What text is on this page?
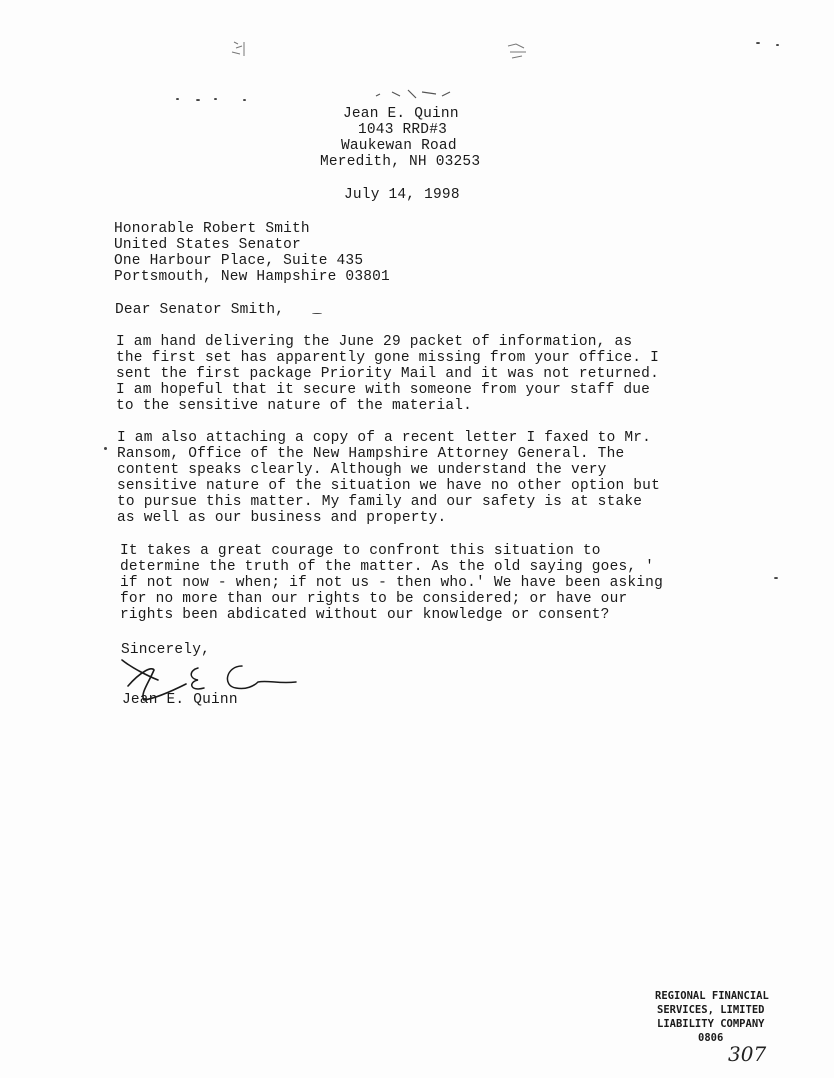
Jean E. Quinn
1043 RRD#3
Waukewan Road
Meredith, NH 03253
July 14, 1998
Honorable Robert Smith
United States Senator
One Harbour Place, Suite 435
Portsmouth, New Hampshire 03801
Dear Senator Smith,
I am hand delivering the June 29 packet of information, as
the first set has apparently gone missing from your office. I
sent the first package Priority Mail and it was not returned.
I am hopeful that it secure with someone from your staff due
to the sensitive nature of the material.
I am also attaching a copy of a recent letter I faxed to Mr.
Ransom, Office of the New Hampshire Attorney General. The
content speaks clearly. Although we understand the very
sensitive nature of the situation we have no other option but
to pursue this matter. My family and our safety is at stake
as well as our business and property.
It takes a great courage to confront this situation to
determine the truth of the matter. As the old saying goes, '
if not now - when; if not us - then who.' We have been asking
for no more than our rights to be considered; or have our
rights been abdicated without our knowledge or consent?
Sincerely,
Jean E. Quinn
REGIONAL FINANCIAL
SERVICES, LIMITED
LIABILITY COMPANY
0806
307
